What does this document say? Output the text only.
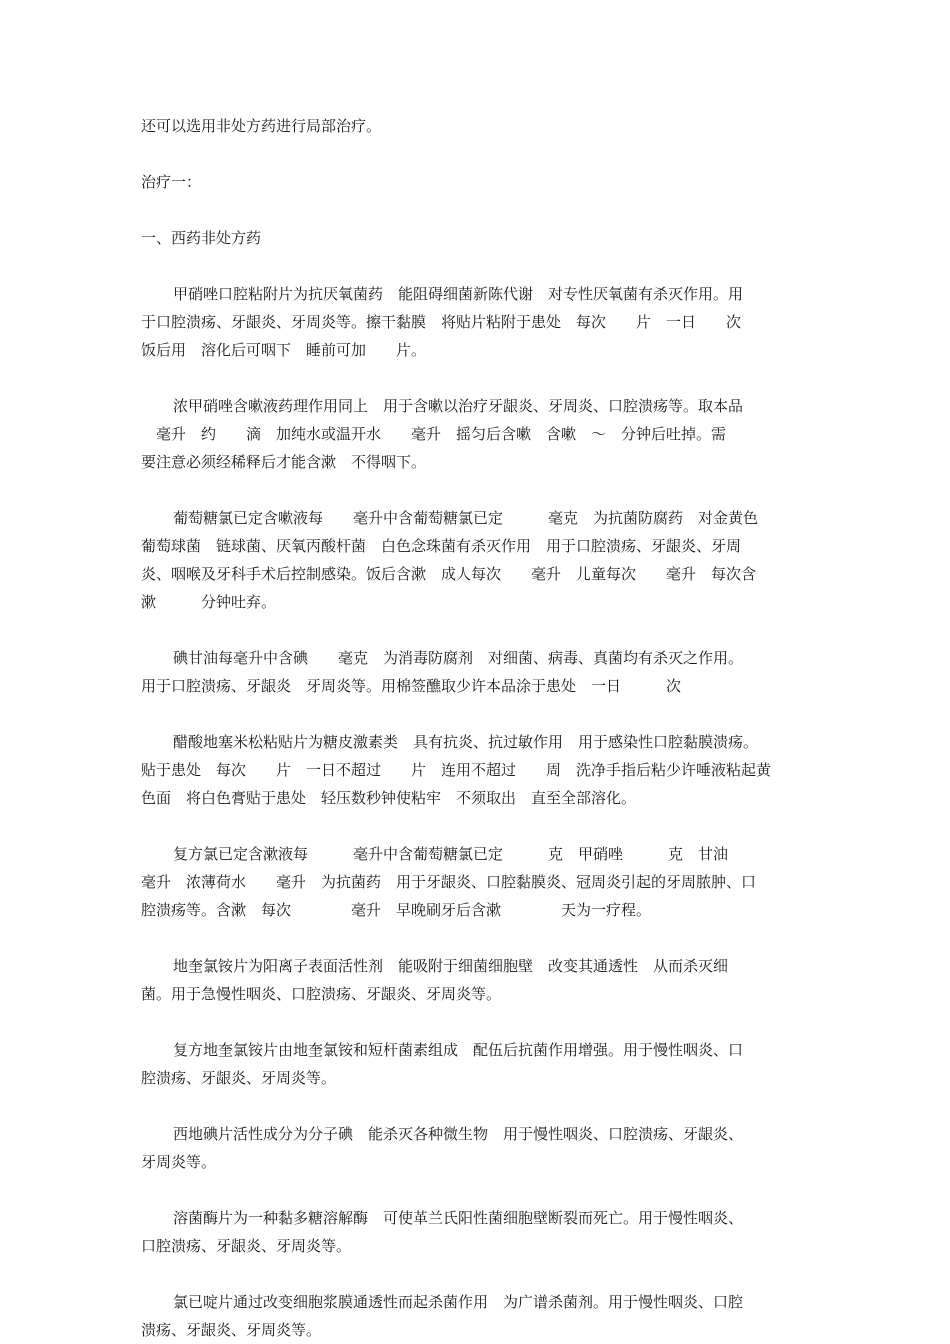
还可以选用非处方药进行局部治疗。

治疗一：

一、西药非处方药

甲硝唑口腔粘附片为抗厌氧菌药　能阻碍细菌新陈代谢　对专性厌氧菌有杀灭作用。用

于口腔溃疡、牙龈炎、牙周炎等。擦干黏膜　将贴片粘附于患处　每次　　片　一日　　次

饭后用　溶化后可咽下　睡前可加　　片。

浓甲硝唑含嗽液药理作用同上　用于含嗽以治疗牙龈炎、牙周炎、口腔溃疡等。取本品

　毫升　约　　滴　加纯水或温开水　　毫升　摇匀后含嗽　含嗽　～　分钟后吐掉。需

要注意必须经稀释后才能含漱　不得咽下。

葡萄糖氯已定含嗽液每　　毫升中含葡萄糖氯已定　　　毫克　为抗菌防腐药　对金黄色

葡萄球菌　链球菌、厌氧丙酸杆菌　白色念珠菌有杀灭作用　用于口腔溃疡、牙龈炎、牙周

炎、咽喉及牙科手术后控制感染。饭后含漱　成人每次　　毫升　儿童每次　　毫升　每次含

漱　　　分钟吐弃。

碘甘油每毫升中含碘　　毫克　为消毒防腐剂　对细菌、病毒、真菌均有杀灭之作用。

用于口腔溃疡、牙龈炎　牙周炎等。用棉签醮取少许本品涂于患处　一日　　　次

醋酸地塞米松粘贴片为糖皮激素类　具有抗炎、抗过敏作用　用于感染性口腔黏膜溃疡。

贴于患处　每次　　片　一日不超过　　片　连用不超过　　周　洗净手指后粘少许唾液粘起黄

色面　将白色膏贴于患处　轻压数秒钟使粘牢　不须取出　直至全部溶化。

复方氯已定含漱液每　　　毫升中含葡萄糖氯已定　　　克　甲硝唑　　　克　甘油

毫升　浓薄荷水　　毫升　为抗菌药　用于牙龈炎、口腔黏膜炎、冠周炎引起的牙周脓肿、口

腔溃疡等。含漱　每次　　　　毫升　早晚刷牙后含漱　　　　天为一疗程。

地奎氯铵片为阳离子表面活性剂　能吸附于细菌细胞壁　改变其通透性　从而杀灭细

菌。用于急慢性咽炎、口腔溃疡、牙龈炎、牙周炎等。

复方地奎氯铵片由地奎氯铵和短杆菌素组成　配伍后抗菌作用增强。用于慢性咽炎、口

腔溃疡、牙龈炎、牙周炎等。

西地碘片活性成分为分子碘　能杀灭各种微生物　用于慢性咽炎、口腔溃疡、牙龈炎、

牙周炎等。

溶菌酶片为一种黏多糖溶解酶　可使革兰氏阳性菌细胞壁断裂而死亡。用于慢性咽炎、

口腔溃疡、牙龈炎、牙周炎等。

氯已啶片通过改变细胞浆膜通透性而起杀菌作用　为广谱杀菌剂。用于慢性咽炎、口腔

溃疡、牙龈炎、牙周炎等。
